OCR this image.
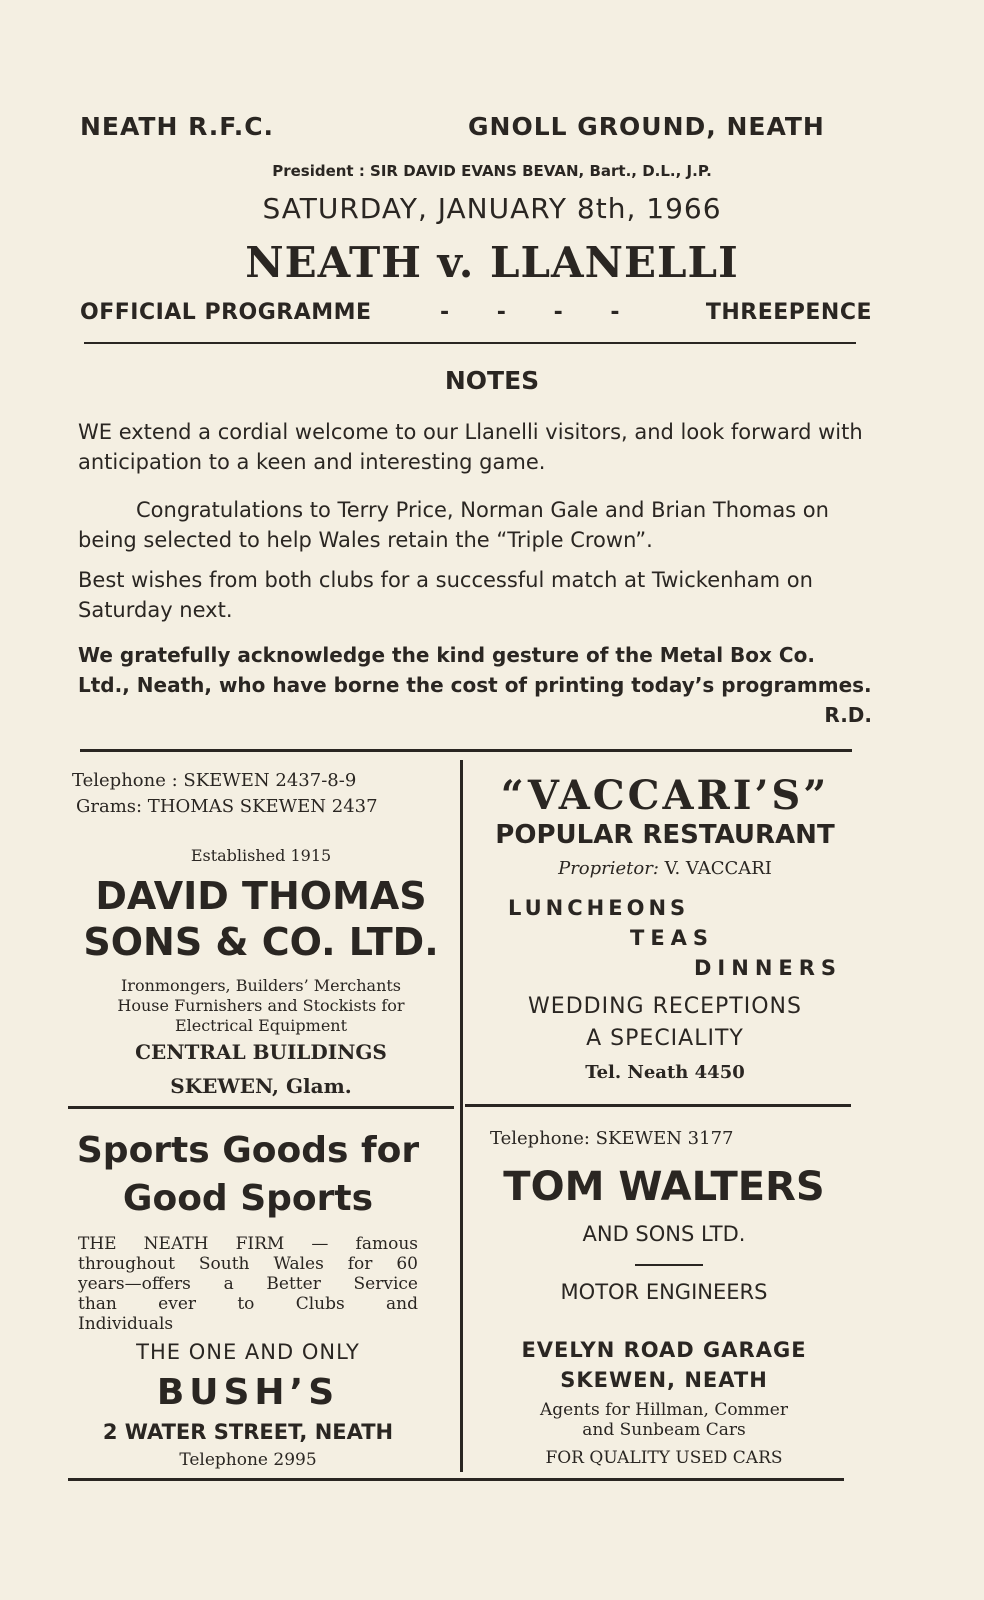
NEATH R.F.C.	GNOLL GROUND, NEATH
President : SIR DAVID EVANS BEVAN, Bart., D.L., J.P.
SATURDAY, JANUARY 8th, 1966
NEATH v. LLANELLI
OFFICIAL PROGRAMME	- - - -	THREEPENCE
NOTES
WE extend a cordial welcome to our Llanelli visitors, and look forward with anticipation to a keen and interesting game.
Congratulations to Terry Price, Norman Gale and Brian Thomas on being selected to help Wales retain the “Triple Crown”.
Best wishes from both clubs for a successful match at Twickenham on Saturday next.
We gratefully acknowledge the kind gesture of the Metal Box Co. Ltd., Neath, who have borne the cost of printing today’s programmes.
R.D.
Telephone : SKEWEN 2437-8-9
Grams: THOMAS SKEWEN 2437
Established 1915
DAVID THOMAS
SONS & CO. LTD.
Ironmongers, Builders’ Merchants
House Furnishers and Stockists for
Electrical Equipment
CENTRAL BUILDINGS
SKEWEN, Glam.
“VACCARI’S”
POPULAR RESTAURANT
Proprietor: V. VACCARI
LUNCHEONS
TEAS
DINNERS
WEDDING RECEPTIONS
A SPECIALITY
Tel. Neath 4450
Sports Goods for
Good Sports
THE NEATH FIRM — famous
throughout South Wales for 60
years—offers a Better Service
than ever to Clubs and
Individuals
THE ONE AND ONLY
BUSH’S
2 WATER STREET, NEATH
Telephone 2995
Telephone: SKEWEN 3177
TOM WALTERS
AND SONS LTD.
MOTOR ENGINEERS
EVELYN ROAD GARAGE
SKEWEN, NEATH
Agents for Hillman, Commer
and Sunbeam Cars
FOR QUALITY USED CARS
